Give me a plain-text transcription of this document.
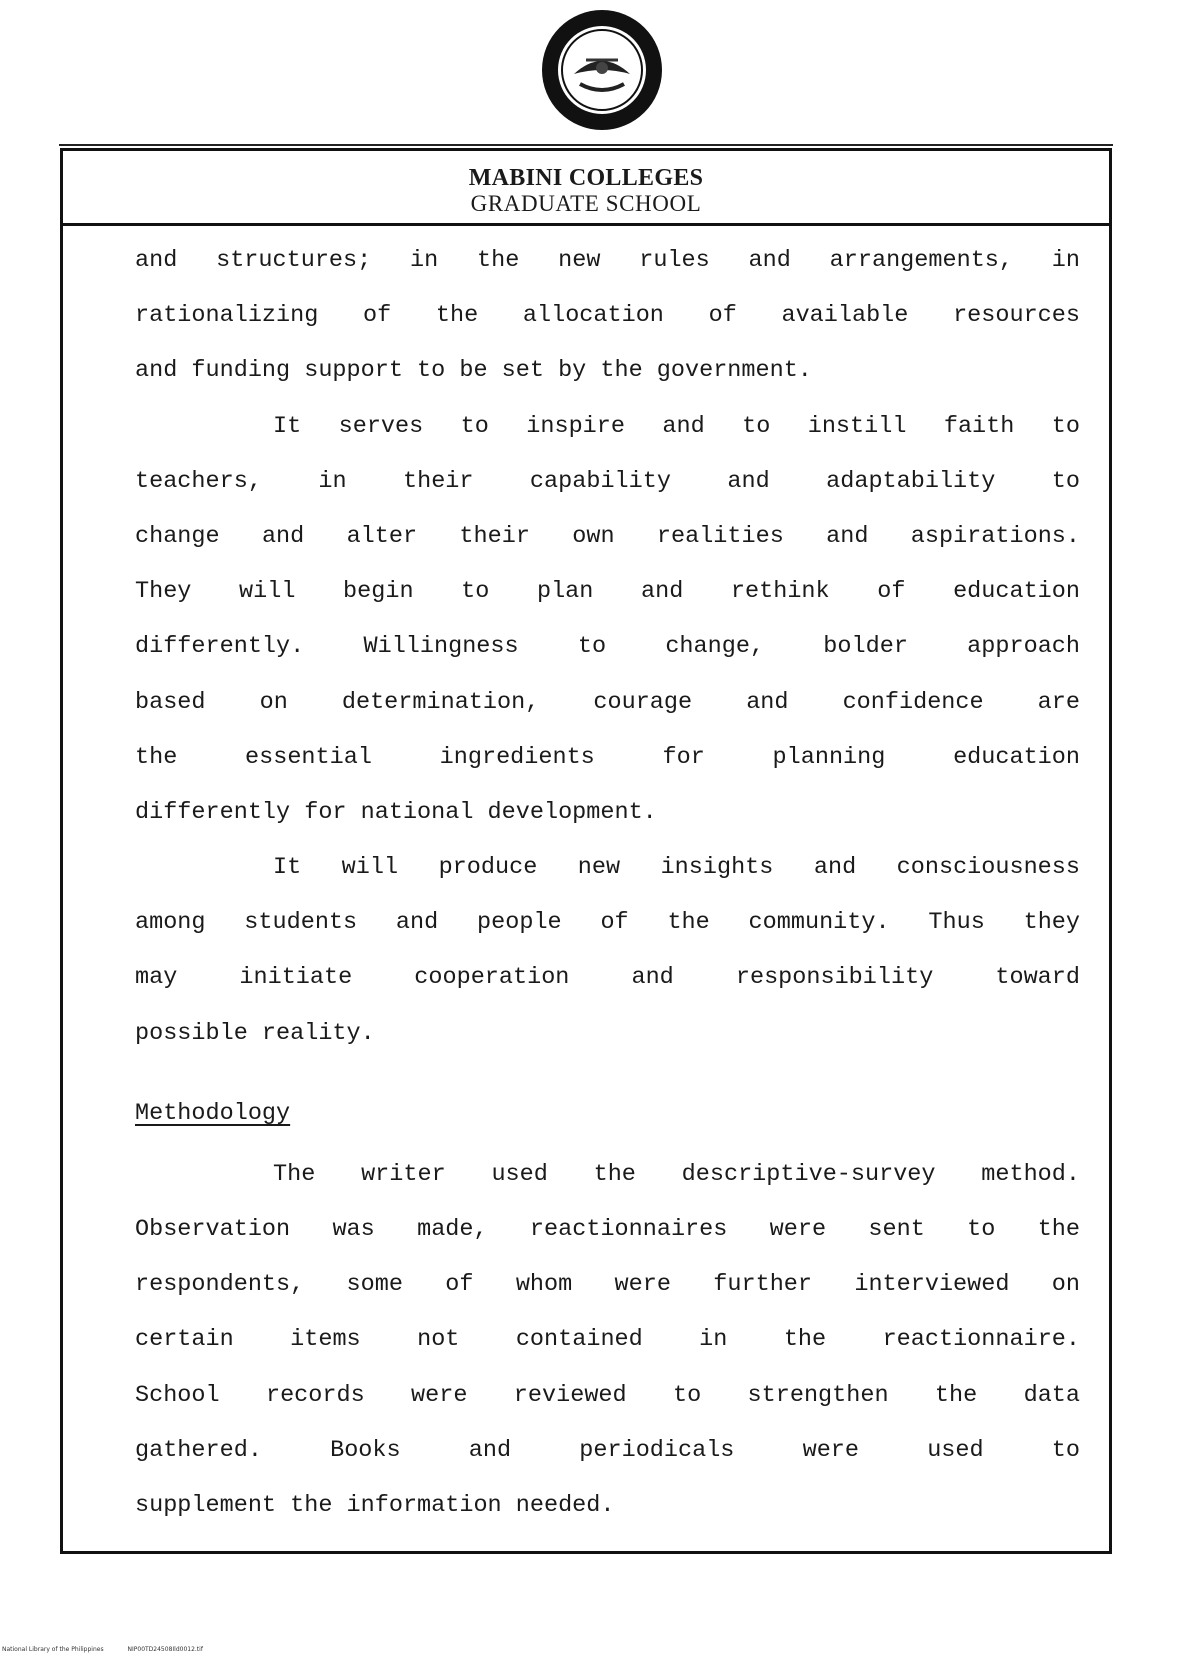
MABINI COLLEGES
GRADUATE SCHOOL
and structures; in the new rules and arrangements, in
rationalizing of the allocation of available resources
and funding support to be set by the government.
It serves to inspire and to instill faith to
teachers, in their capability and adaptability to
change and alter their own realities and aspirations.
They will begin to plan and rethink of education
differently. Willingness to change, bolder approach
based on determination, courage and confidence are
the essential ingredients for planning education
differently for national development.
It will produce new insights and consciousness
among students and people of the community. Thus they
may initiate cooperation and responsibility toward
possible reality.
Methodology
The writer used the descriptive-survey method.
Observation was made, reactionnaires were sent to the
respondents, some of whom were further interviewed on
certain items not contained in the reactionnaire.
School records were reviewed to strengthen the data
gathered. Books and periodicals were used to
supplement the information needed.
National Library of the Philippines	NIP00TD24508Ild0012.tif
